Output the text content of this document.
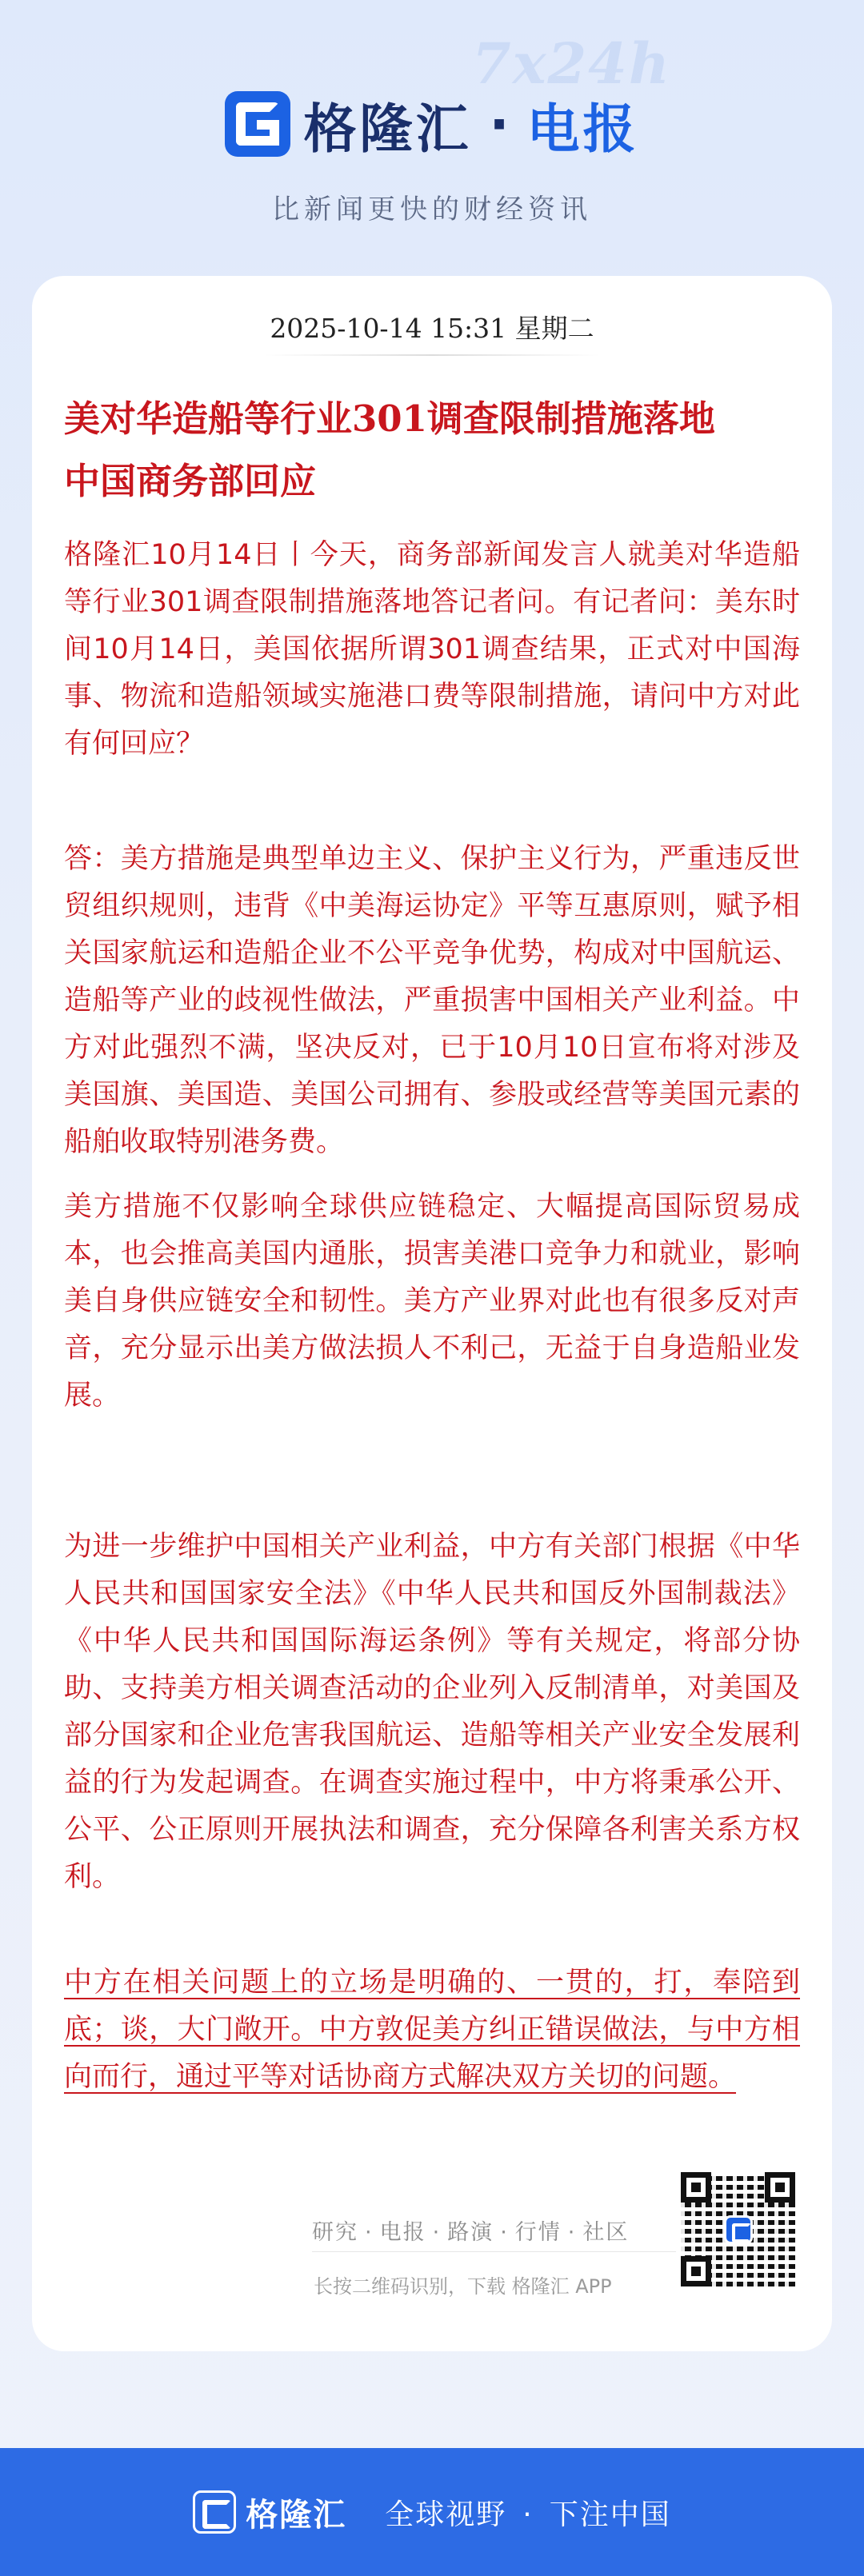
7x24h
格隆汇 · 电报
比新闻更快的财经资讯
2025-10-14 15:31 星期二
美对华造船等行业301调查限制措施落地
中国商务部回应
格隆汇10月14日丨今天，商务部新闻发言人就美对华造船等行业301调查限制措施落地答记者问。有记者问：美东时间10月14日，美国依据所谓301调查结果，正式对中国海事、物流和造船领域实施港口费等限制措施，请问中方对此有何回应？
答：美方措施是典型单边主义、保护主义行为，严重违反世贸组织规则，违背《中美海运协定》平等互惠原则，赋予相关国家航运和造船企业不公平竞争优势，构成对中国航运、造船等产业的歧视性做法，严重损害中国相关产业利益。中方对此强烈不满，坚决反对，已于10月10日宣布将对涉及美国旗、美国造、美国公司拥有、参股或经营等美国元素的船舶收取特别港务费。
美方措施不仅影响全球供应链稳定、大幅提高国际贸易成本，也会推高美国内通胀，损害美港口竞争力和就业，影响美自身供应链安全和韧性。美方产业界对此也有很多反对声音，充分显示出美方做法损人不利己，无益于自身造船业发展。
为进一步维护中国相关产业利益，中方有关部门根据《中华人民共和国国家安全法》《中华人民共和国反外国制裁法》《中华人民共和国国际海运条例》等有关规定，将部分协助、支持美方相关调查活动的企业列入反制清单，对美国及部分国家和企业危害我国航运、造船等相关产业安全发展利益的行为发起调查。在调查实施过程中，中方将秉承公开、公平、公正原则开展执法和调查，充分保障各利害关系方权利。
中方在相关问题上的立场是明确的、一贯的，打，奉陪到底；谈，大门敞开。中方敦促美方纠正错误做法，与中方相向而行，通过平等对话协商方式解决双方关切的问题。
研究 · 电报 · 路演 · 行情 · 社区
长按二维码识别，下载 格隆汇 APP
格隆汇 全球视野 · 下注中国
